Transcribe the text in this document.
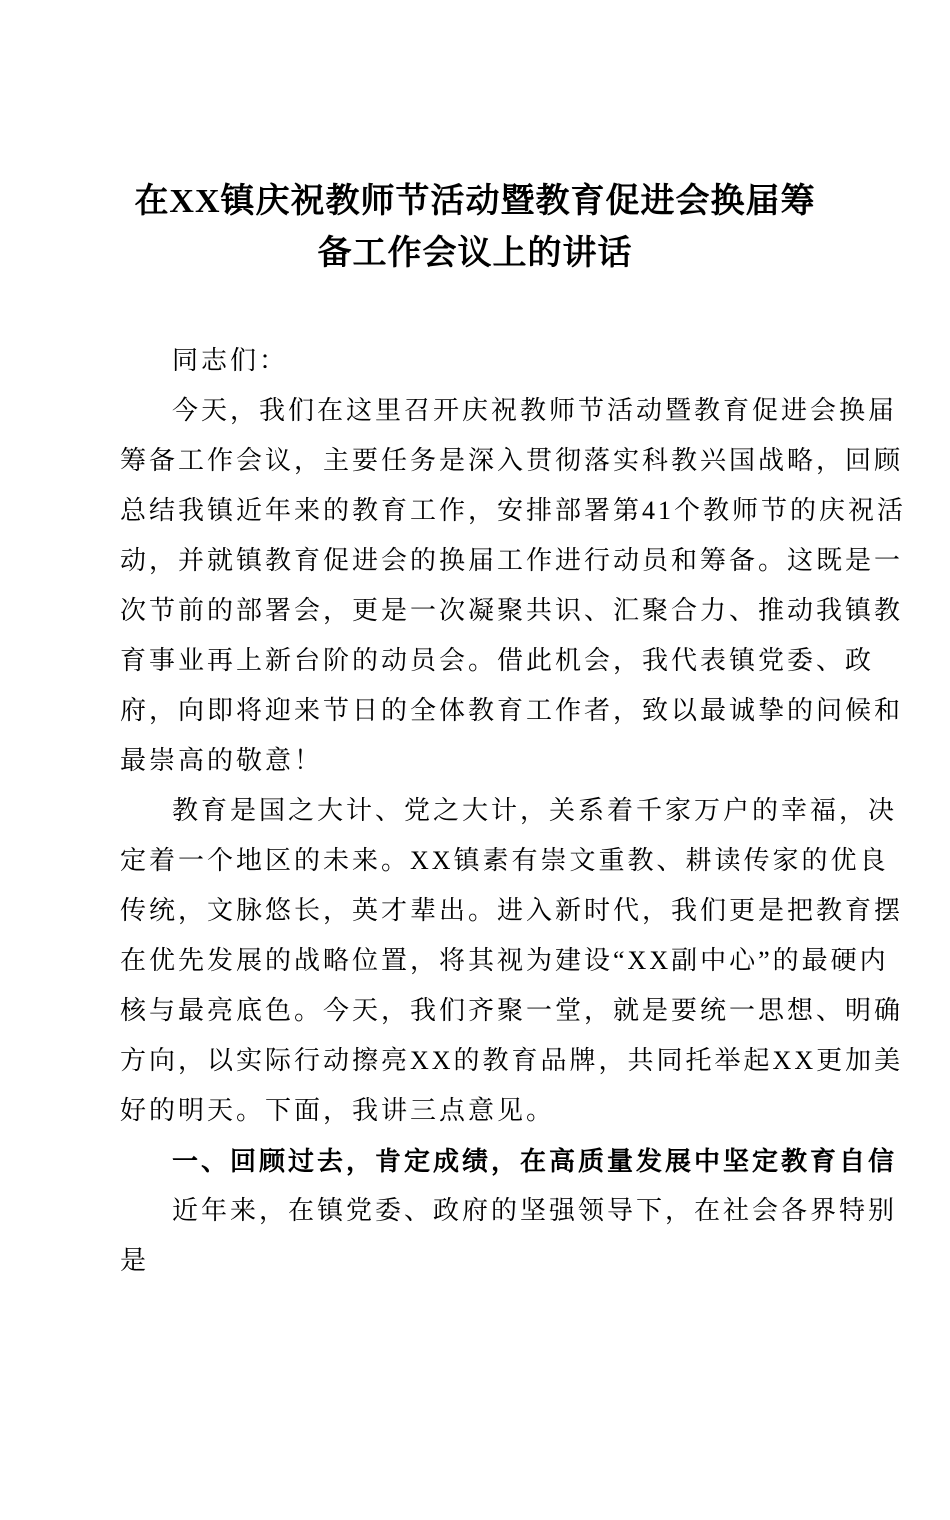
在XX镇庆祝教师节活动暨教育促进会换届筹
备工作会议上的讲话

同志们：

今天，我们在这里召开庆祝教师节活动暨教育促进会换届筹备工作会议，主要任务是深入贯彻落实科教兴国战略，回顾总结我镇近年来的教育工作，安排部署第41个教师节的庆祝活动，并就镇教育促进会的换届工作进行动员和筹备。这既是一次节前的部署会，更是一次凝聚共识、汇聚合力、推动我镇教育事业再上新台阶的动员会。借此机会，我代表镇党委、政府，向即将迎来节日的全体教育工作者，致以最诚挚的问候和最崇高的敬意！

教育是国之大计、党之大计，关系着千家万户的幸福，决定着一个地区的未来。XX镇素有崇文重教、耕读传家的优良传统，文脉悠长，英才辈出。进入新时代，我们更是把教育摆在优先发展的战略位置，将其视为建设“XX副中心”的最硬内核与最亮底色。今天，我们齐聚一堂，就是要统一思想、明确方向，以实际行动擦亮XX的教育品牌，共同托举起XX更加美好的明天。下面，我讲三点意见。

一、回顾过去，肯定成绩，在高质量发展中坚定教育自信

近年来，在镇党委、政府的坚强领导下，在社会各界特别是
